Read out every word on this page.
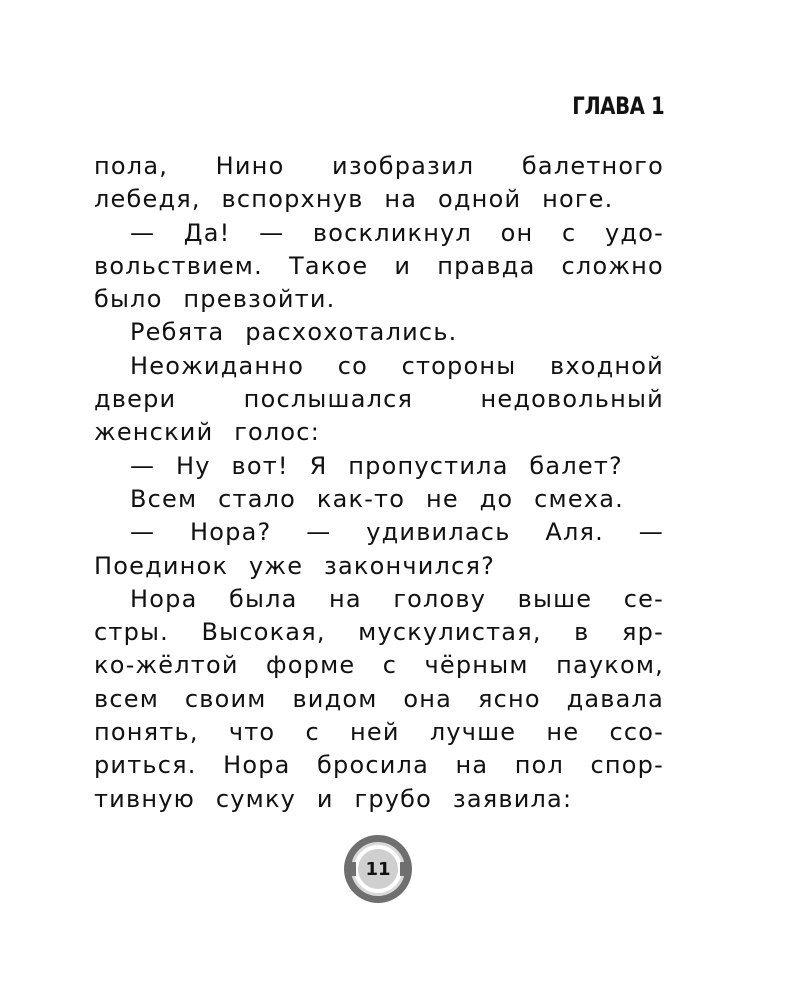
ГЛАВА 1
пола, Нино изобразил балетного
лебедя, вспорхнув на одной ноге.
— Да! — воскликнул он с удо-
вольствием. Такое и правда сложно
было превзойти.
Ребята расхохотались.
Неожиданно со стороны входной
двери	послышался	недовольный
женский голос:
— Ну вот! Я пропустила балет?
Всем стало как-то не до смеха.
— Нора? — удивилась Аля. —
Поединок уже закончился?
Нора была на голову выше се-
стры. Высокая, мускулистая, в яр-
ко-жёлтой форме с чёрным пауком,
всем своим видом она ясно давала
понять, что с ней лучше не ссо-
риться. Нора бросила на пол спор-
тивную сумку и грубо заявила:
11
